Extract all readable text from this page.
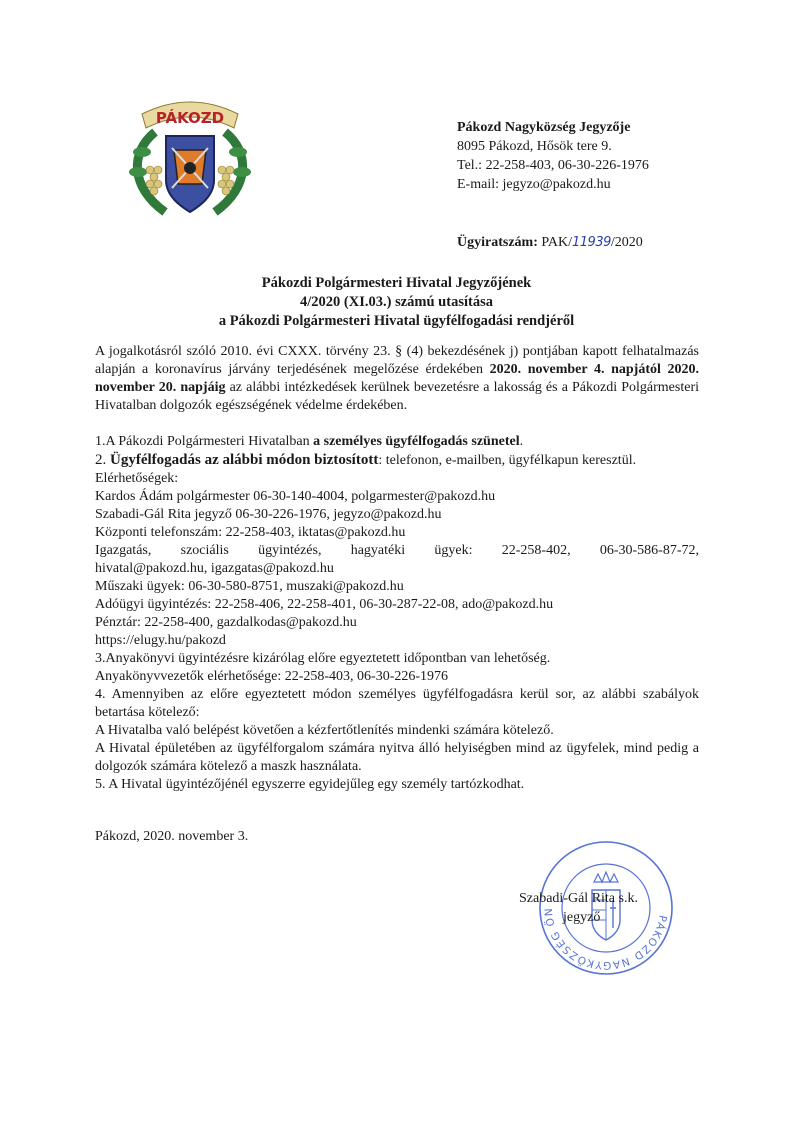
PÁKOZD
Pákozd Nagyközség Jegyzője
8095 Pákozd, Hősök tere 9.
Tel.: 22-258-403, 06-30-226-1976
E-mail: jegyzo@pakozd.hu
Ügyiratszám: PAK/11939/2020
Pákozdi Polgármesteri Hivatal Jegyzőjének
4/2020 (XI.03.) számú utasítása
a Pákozdi Polgármesteri Hivatal ügyfélfogadási rendjéről

A jogalkotásról szóló 2010. évi CXXX. törvény 23. § (4) bekezdésének j) pontjában kapott felhatalmazás alapján a koronavírus járvány terjedésének megelőzése érdekében 2020. november 4. napjától 2020. november 20. napjáig az alábbi intézkedések kerülnek bevezetésre a lakosság és a Pákozdi Polgármesteri Hivatalban dolgozók egészségének védelme érdekében.

1.A Pákozdi Polgármesteri Hivatalban a személyes ügyfélfogadás szünetel.
2. Ügyfélfogadás az alábbi módon biztosított: telefonon, e-mailben, ügyfélkapun keresztül.
Elérhetőségek:
Kardos Ádám polgármester 06-30-140-4004, polgarmester@pakozd.hu
Szabadi-Gál Rita jegyző 06-30-226-1976, jegyzo@pakozd.hu
Központi telefonszám: 22-258-403, iktatas@pakozd.hu
Igazgatás, szociális ügyintézés, hagyatéki ügyek: 22-258-402, 06-30-586-87-72,
hivatal@pakozd.hu, igazgatas@pakozd.hu
Műszaki ügyek: 06-30-580-8751, muszaki@pakozd.hu
Adóügyi ügyintézés: 22-258-406, 22-258-401, 06-30-287-22-08, ado@pakozd.hu
Pénztár: 22-258-400, gazdalkodas@pakozd.hu
https://elugy.hu/pakozd
3.Anyakönyvi ügyintézésre kizárólag előre egyeztetett időpontban van lehetőség.
Anyakönyvvezetők elérhetősége: 22-258-403, 06-30-226-1976

4. Amennyiben az előre egyeztetett módon személyes ügyfélfogadásra kerül sor, az alábbi szabályok betartása kötelező:

A Hivatalba való belépést követően a kézfertőtlenítés mindenki számára kötelező.

A Hivatal épületében az ügyfélforgalom számára nyitva álló helyiségben mind az ügyfelek, mind pedig a dolgozók számára kötelező a maszk használata.

5. A Hivatal ügyintézőjénél egyszerre egyidejűleg egy személy tartózkodhat.
Pákozd, 2020. november 3.
PÁKOZD NAGYKÖZSÉG ÖN
Szabadi-Gál Rita s.k.
jegyző
